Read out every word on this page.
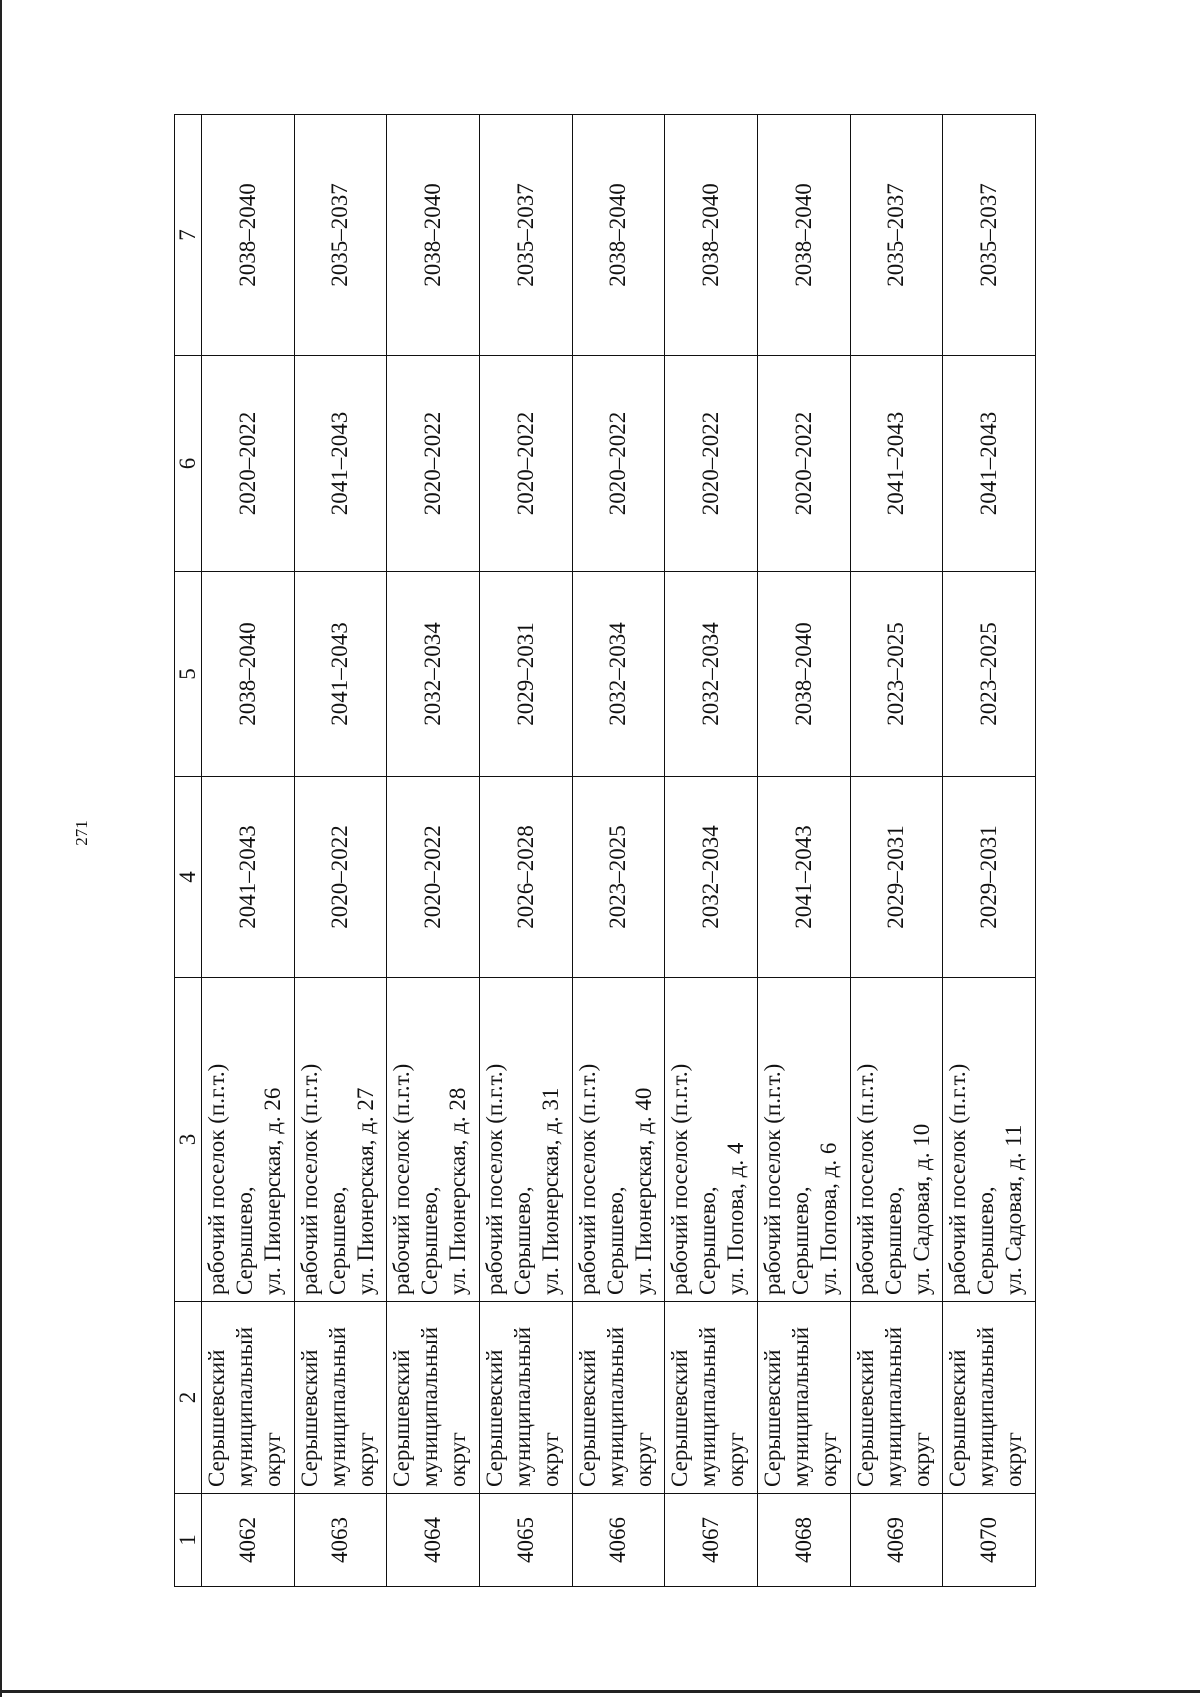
271
1	2	3	4	5	6	7
4062	Серышевский муниципальный округ	рабочий поселок (п.г.т.) Серышево, ул. Пионерская, д. 26	2041–2043	2038–2040	2020–2022	2038–2040
4063	Серышевский муниципальный округ	рабочий поселок (п.г.т.) Серышево, ул. Пионерская, д. 27	2020–2022	2041–2043	2041–2043	2035–2037
4064	Серышевский муниципальный округ	рабочий поселок (п.г.т.) Серышево, ул. Пионерская, д. 28	2020–2022	2032–2034	2020–2022	2038–2040
4065	Серышевский муниципальный округ	рабочий поселок (п.г.т.) Серышево, ул. Пионерская, д. 31	2026–2028	2029–2031	2020–2022	2035–2037
4066	Серышевский муниципальный округ	рабочий поселок (п.г.т.) Серышево, ул. Пионерская, д. 40	2023–2025	2032–2034	2020–2022	2038–2040
4067	Серышевский муниципальный округ	рабочий поселок (п.г.т.) Серышево, ул. Попова, д. 4	2032–2034	2032–2034	2020–2022	2038–2040
4068	Серышевский муниципальный округ	рабочий поселок (п.г.т.) Серышево, ул. Попова, д. 6	2041–2043	2038–2040	2020–2022	2038–2040
4069	Серышевский муниципальный округ	рабочий поселок (п.г.т.) Серышево, ул. Садовая, д. 10	2029–2031	2023–2025	2041–2043	2035–2037
4070	Серышевский муниципальный округ	рабочий поселок (п.г.т.) Серышево, ул. Садовая, д. 11	2029–2031	2023–2025	2041–2043	2035–2037
